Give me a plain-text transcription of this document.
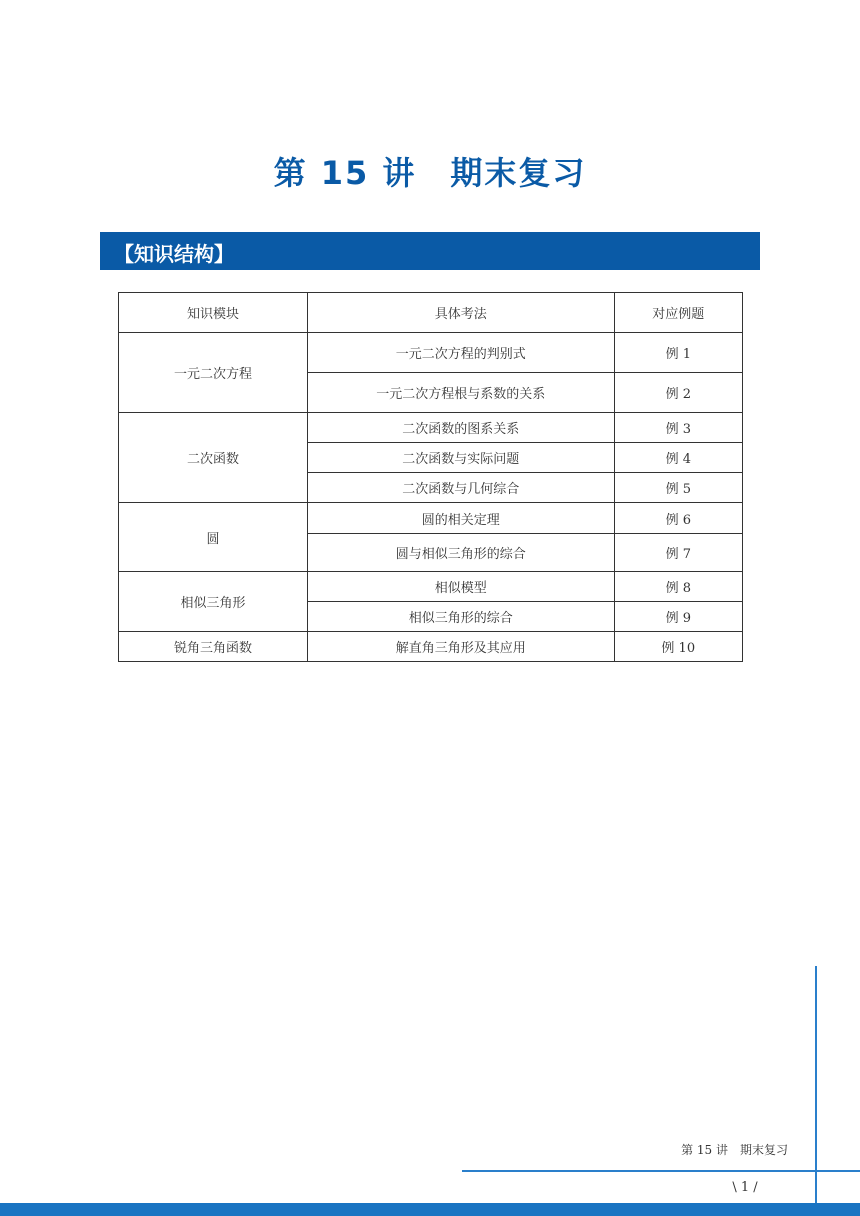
第 15 讲　期末复习
【知识结构】
知识模块	具体考法	对应例题
一元二次方程	一元二次方程的判别式	例 1
	一元二次方程根与系数的关系	例 2
二次函数	二次函数的图系关系	例 3
	二次函数与实际问题	例 4
	二次函数与几何综合	例 5
圆	圆的相关定理	例 6
	圆与相似三角形的综合	例 7
相似三角形	相似模型	例 8
	相似三角形的综合	例 9
锐角三角函数	解直角三角形及其应用	例 10
第 15 讲　期末复习
\ 1 /
